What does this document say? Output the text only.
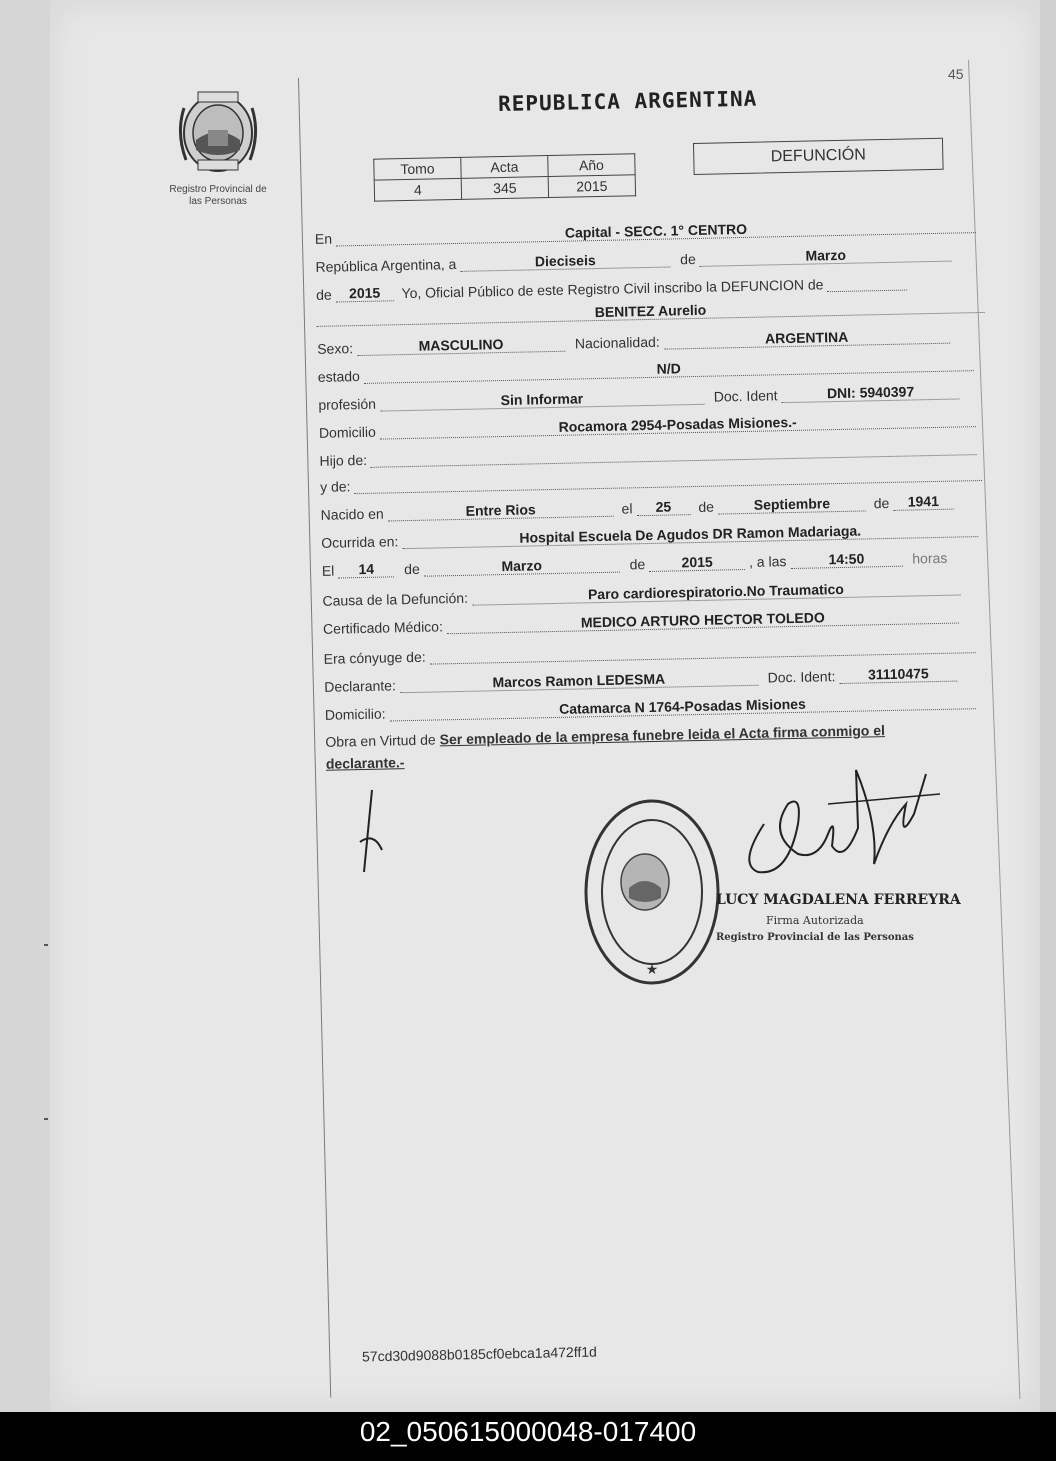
45
Registro Provincial de
las Personas
REPUBLICA ARGENTINA
Tomo	Acta	Año
4	345	2015
DEFUNCIÓN
En	Capital - SECC. 1° CENTRO
República Argentina, a	Dieciseis	de	Marzo
de 2015 Yo, Oficial Público de este Registro Civil inscribo la DEFUNCION de
BENITEZ Aurelio
Sexo:	MASCULINO	Nacionalidad:	ARGENTINA
estado	N/D
profesión	Sin Informar	Doc. Ident	DNI: 5940397
Domicilio	Rocamora 2954-Posadas Misiones.-
Hijo de:
y de:
Nacido en	Entre Rios	el 25 de	Septiembre	de 1941
Ocurrida en:	Hospital Escuela De Agudos DR Ramon Madariaga.
El 14 de	Marzo	de	2015	, a las	14:50	horas
Causa de la Defunción:	Paro cardiorespiratorio.No Traumatico
Certificado Médico:	MEDICO ARTURO HECTOR TOLEDO
Era cónyuge de:
Declarante:	Marcos Ramon LEDESMA	Doc. Ident: 31110475
Domicilio:	Catamarca N 1764-Posadas Misiones
Obra en Virtud de Ser empleado de la empresa funebre leida el Acta firma conmigo el
declarante.-
★
LUCY MAGDALENA FERREYRA
Firma Autorizada
Registro Provincial de las Personas
57cd30d9088b0185cf0ebca1a472ff1d
02_050615000048-017400
